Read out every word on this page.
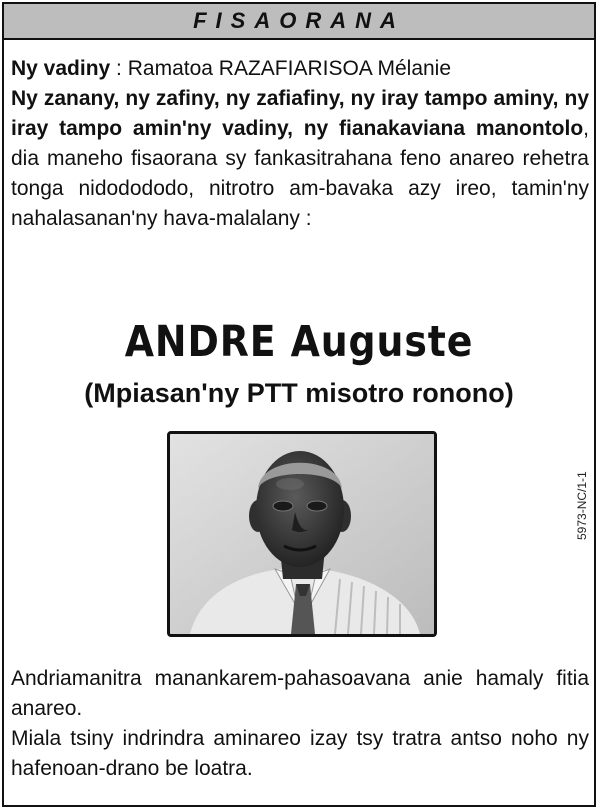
FISAORANA

Ny vadiny : Ramatoa RAZAFIARISOA Mélanie

Ny zanany, ny zafiny, ny zafiafiny, ny iray tampo aminy, ny iray tampo amin'ny vadiny, ny fianakaviana manontolo, dia maneho fisaorana sy fankasitrahana feno anareo rehetra tonga nidodododo, nitrotro am-bavaka azy ireo, tamin'ny nahalasanan'ny hava-malalany :

ANDRE Auguste
(Mpiasan'ny PTT misotro ronono)

Andriamanitra manankarem-pahasoavana anie hamaly fitia anareo.

Miala tsiny indrindra aminareo izay tsy tratra antso noho ny hafenoan-drano be loatra.

5973-NC/1-1
